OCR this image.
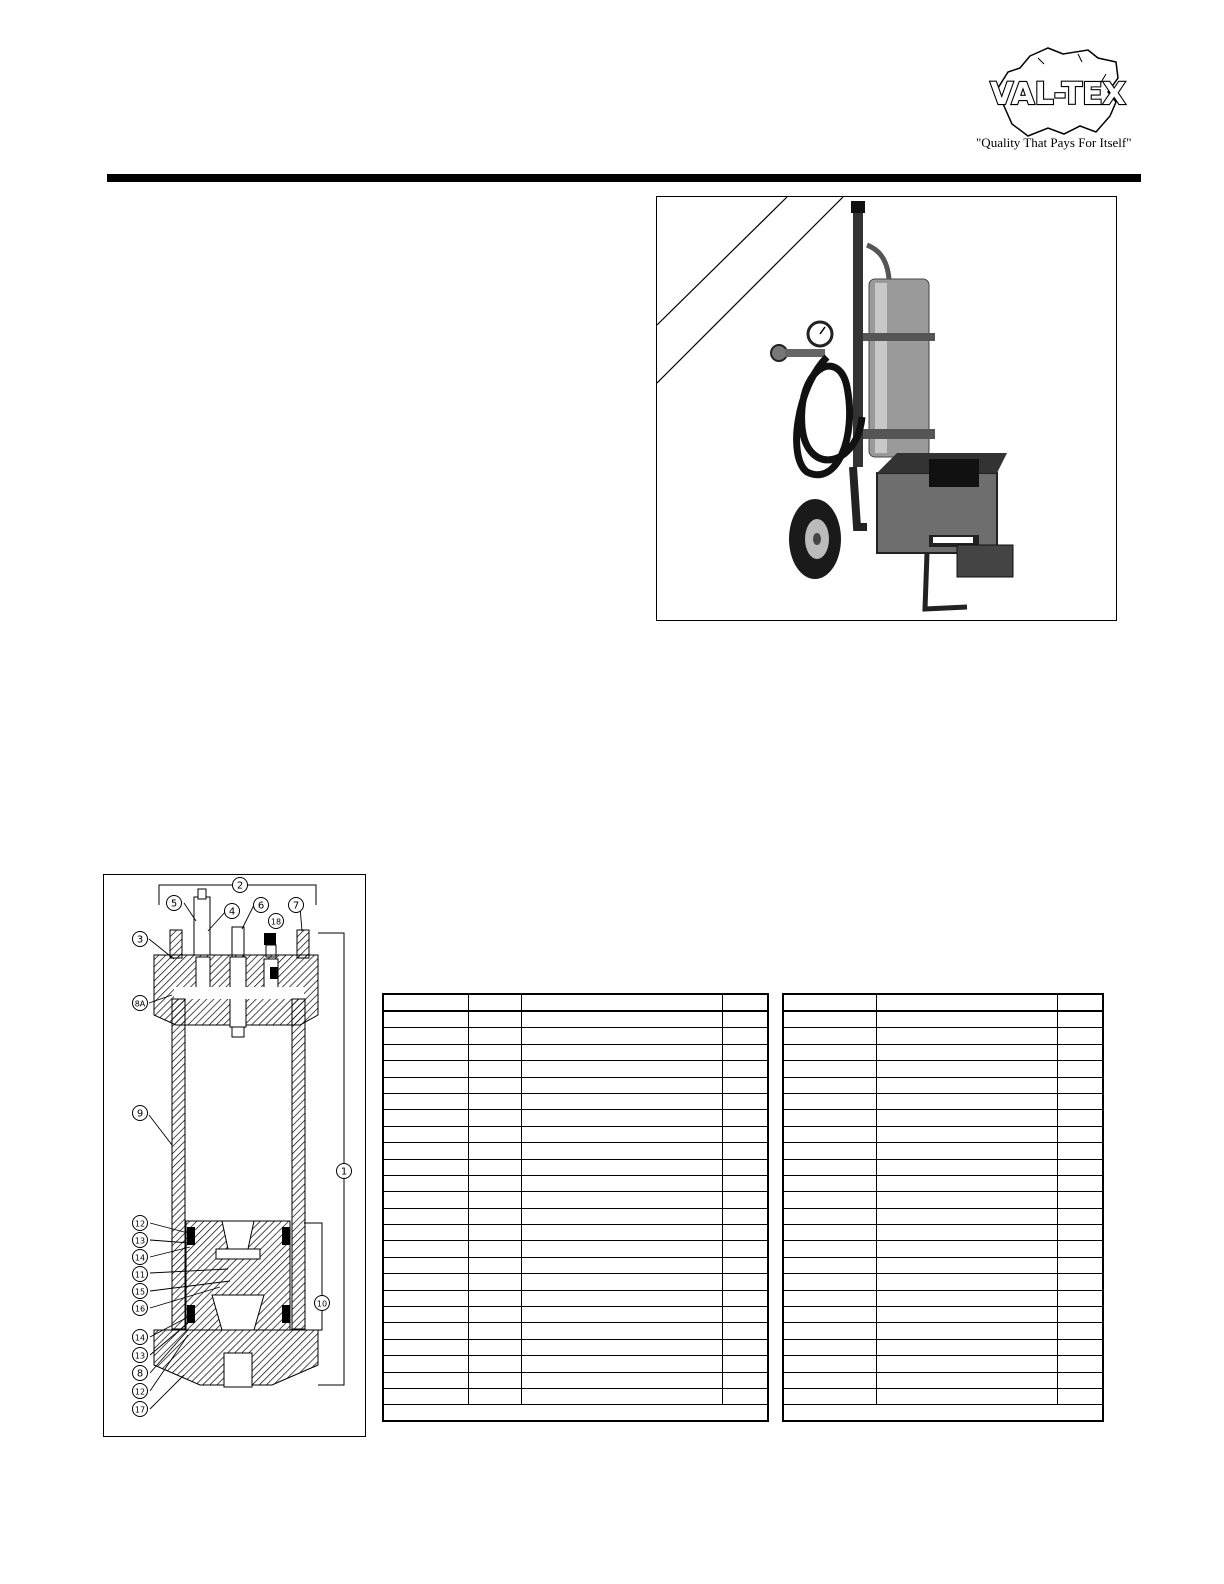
VAL-TEX
"Quality That Pays For Itself"
2
5
4
6
18
7
3
8A
9
1
12
13
14
11
15
16
10
14
13
8
12
17
